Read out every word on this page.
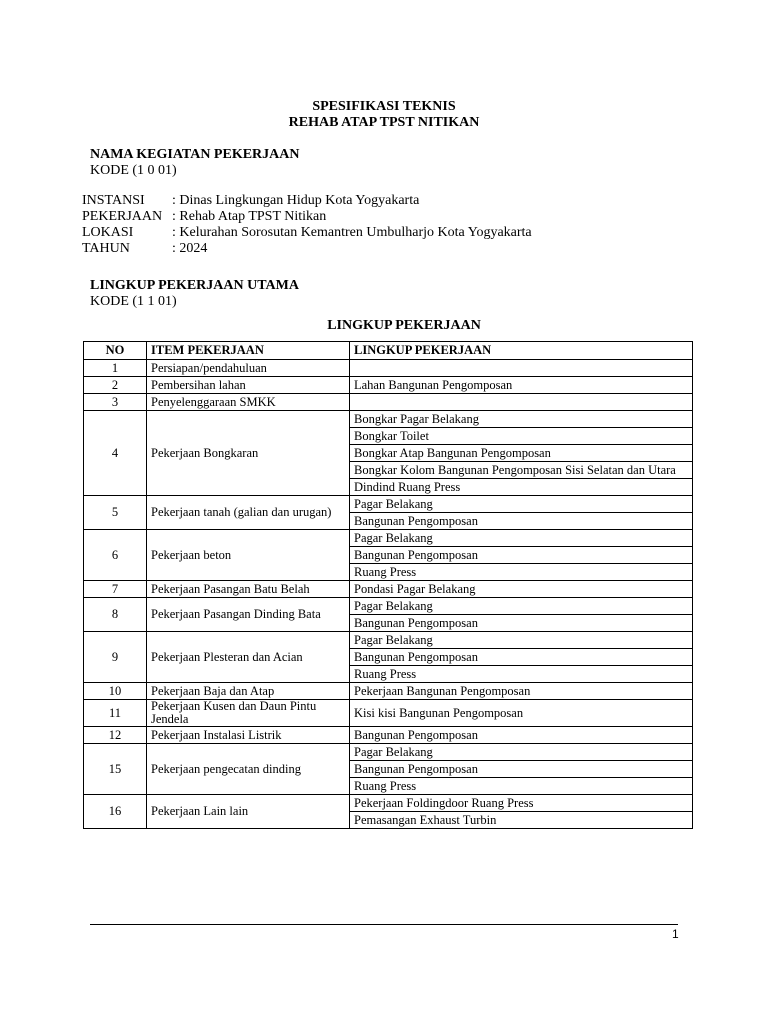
SPESIFIKASI TEKNIS
REHAB ATAP TPST NITIKAN
NAMA KEGIATAN PEKERJAAN
KODE (1 0 01)
INSTANSI	: Dinas Lingkungan Hidup Kota Yogyakarta
PEKERJAAN : Rehab Atap TPST Nitikan
LOKASI	: Kelurahan Sorosutan Kemantren Umbulharjo Kota Yogyakarta
TAHUN	: 2024
LINGKUP PEKERJAAN UTAMA
KODE (1 1 01)
LINGKUP PEKERJAAN
NO	ITEM PEKERJAAN	LINGKUP PEKERJAAN
1	Persiapan/pendahuluan	
2	Pembersihan lahan	Lahan Bangunan Pengomposan
3	Penyelenggaraan SMKK	
4	Pekerjaan Bongkaran	Bongkar Pagar Belakang
		Bongkar Toilet
		Bongkar Atap Bangunan Pengomposan
		Bongkar Kolom Bangunan Pengomposan Sisi Selatan dan Utara
		Dindind Ruang Press
5	Pekerjaan tanah (galian dan urugan)	Pagar Belakang
		Bangunan Pengomposan
6	Pekerjaan beton	Pagar Belakang
		Bangunan Pengomposan
		Ruang Press
7	Pekerjaan Pasangan Batu Belah	Pondasi Pagar Belakang
8	Pekerjaan Pasangan Dinding Bata	Pagar Belakang
		Bangunan Pengomposan
9	Pekerjaan Plesteran dan Acian	Pagar Belakang
		Bangunan Pengomposan
		Ruang Press
10	Pekerjaan Baja dan Atap	Pekerjaan Bangunan Pengomposan
11	Pekerjaan Kusen dan Daun Pintu Jendela	Kisi kisi Bangunan Pengomposan
12	Pekerjaan Instalasi Listrik	Bangunan Pengomposan
15	Pekerjaan pengecatan dinding	Pagar Belakang
		Bangunan Pengomposan
		Ruang Press
16	Pekerjaan Lain lain	Pekerjaan Foldingdoor Ruang Press
		Pemasangan Exhaust Turbin
1
